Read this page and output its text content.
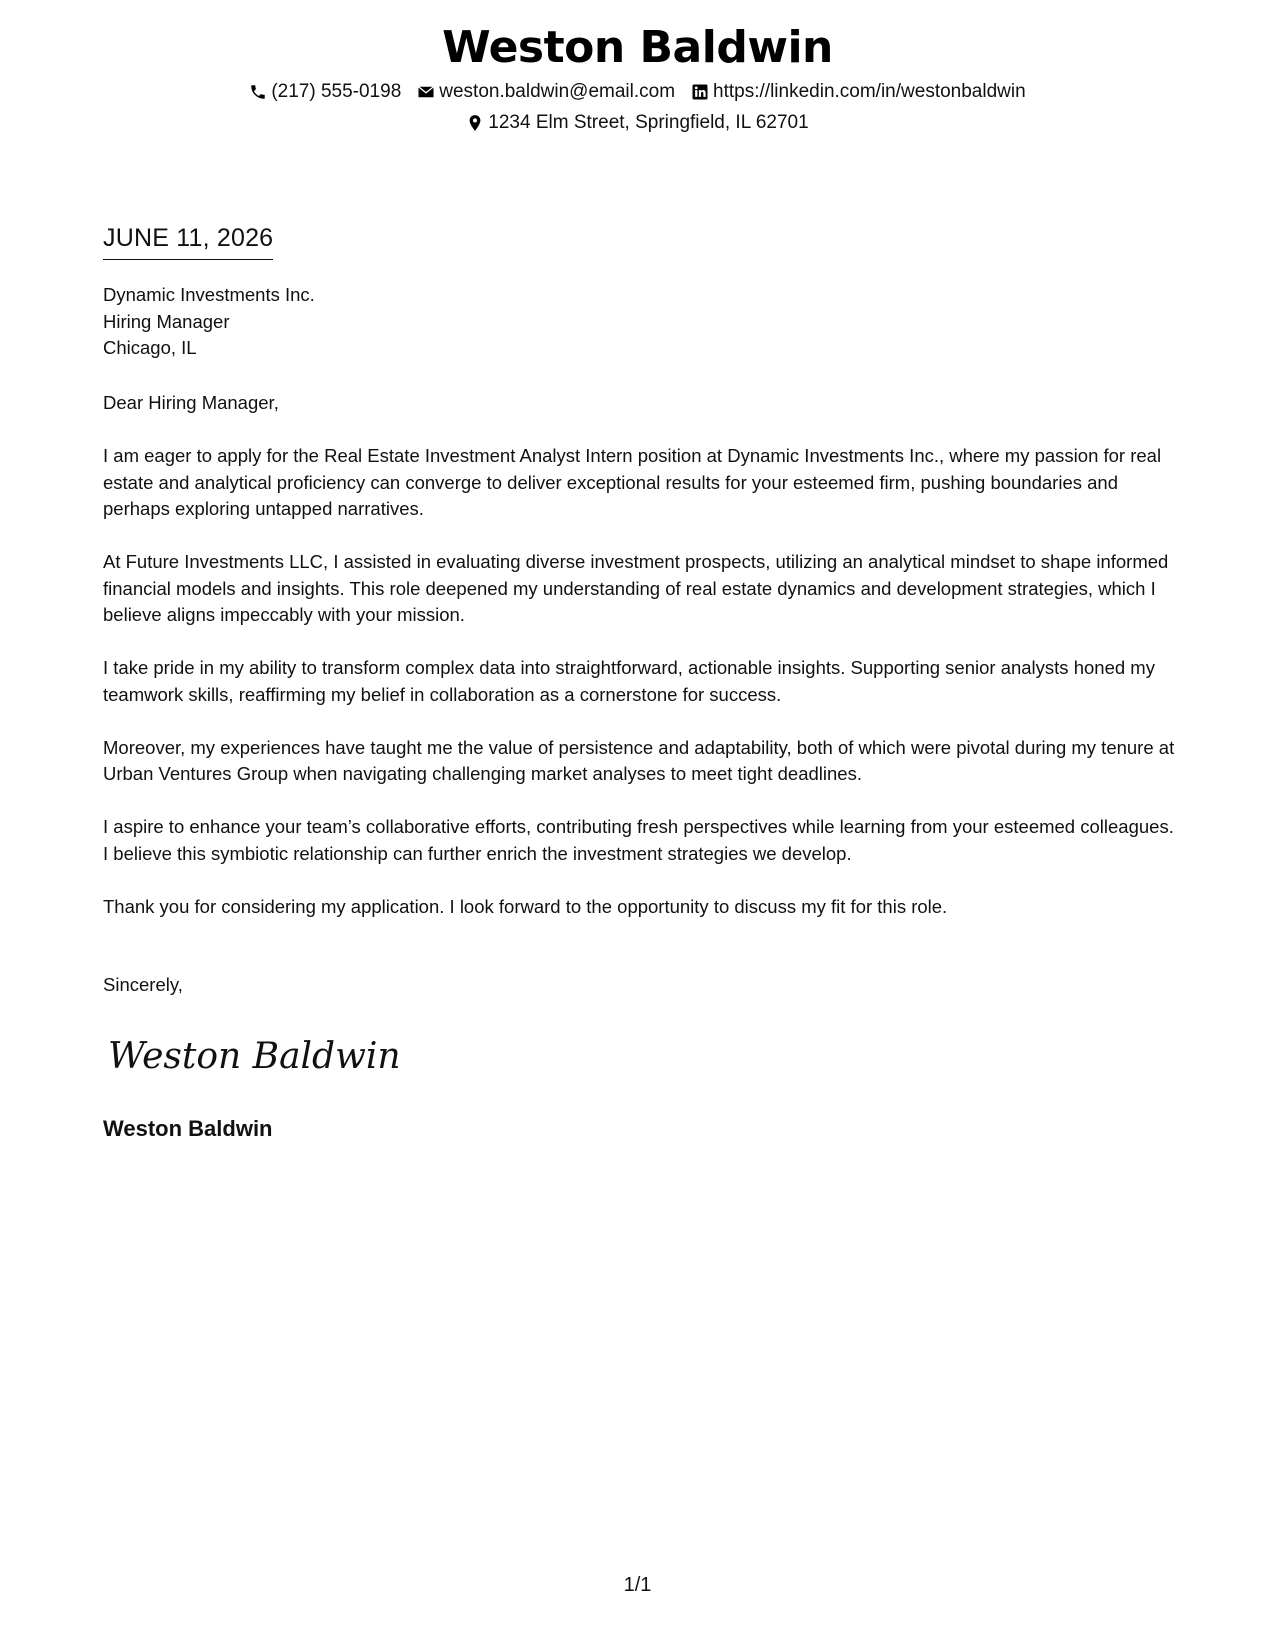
Weston Baldwin
(217) 555-0198 weston.baldwin@email.com https://linkedin.com/in/westonbaldwin
1234 Elm Street, Springfield, IL 62701
JUNE 11, 2026
Dynamic Investments Inc.
Hiring Manager
Chicago, IL

Dear Hiring Manager,

I am eager to apply for the Real Estate Investment Analyst Intern position at Dynamic Investments Inc., where my passion for real estate and analytical proficiency can converge to deliver exceptional results for your esteemed firm, pushing boundaries and perhaps exploring untapped narratives.

At Future Investments LLC, I assisted in evaluating diverse investment prospects, utilizing an analytical mindset to shape informed financial models and insights. This role deepened my understanding of real estate dynamics and development strategies, which I believe aligns impeccably with your mission.

I take pride in my ability to transform complex data into straightforward, actionable insights. Supporting senior analysts honed my teamwork skills, reaffirming my belief in collaboration as a cornerstone for success.

Moreover, my experiences have taught me the value of persistence and adaptability, both of which were pivotal during my tenure at Urban Ventures Group when navigating challenging market analyses to meet tight deadlines.

I aspire to enhance your team’s collaborative efforts, contributing fresh perspectives while learning from your esteemed colleagues. I believe this symbiotic relationship can further enrich the investment strategies we develop.

Thank you for considering my application. I look forward to the opportunity to discuss my fit for this role.

Sincerely,

Weston Baldwin
Weston Baldwin
1/1
